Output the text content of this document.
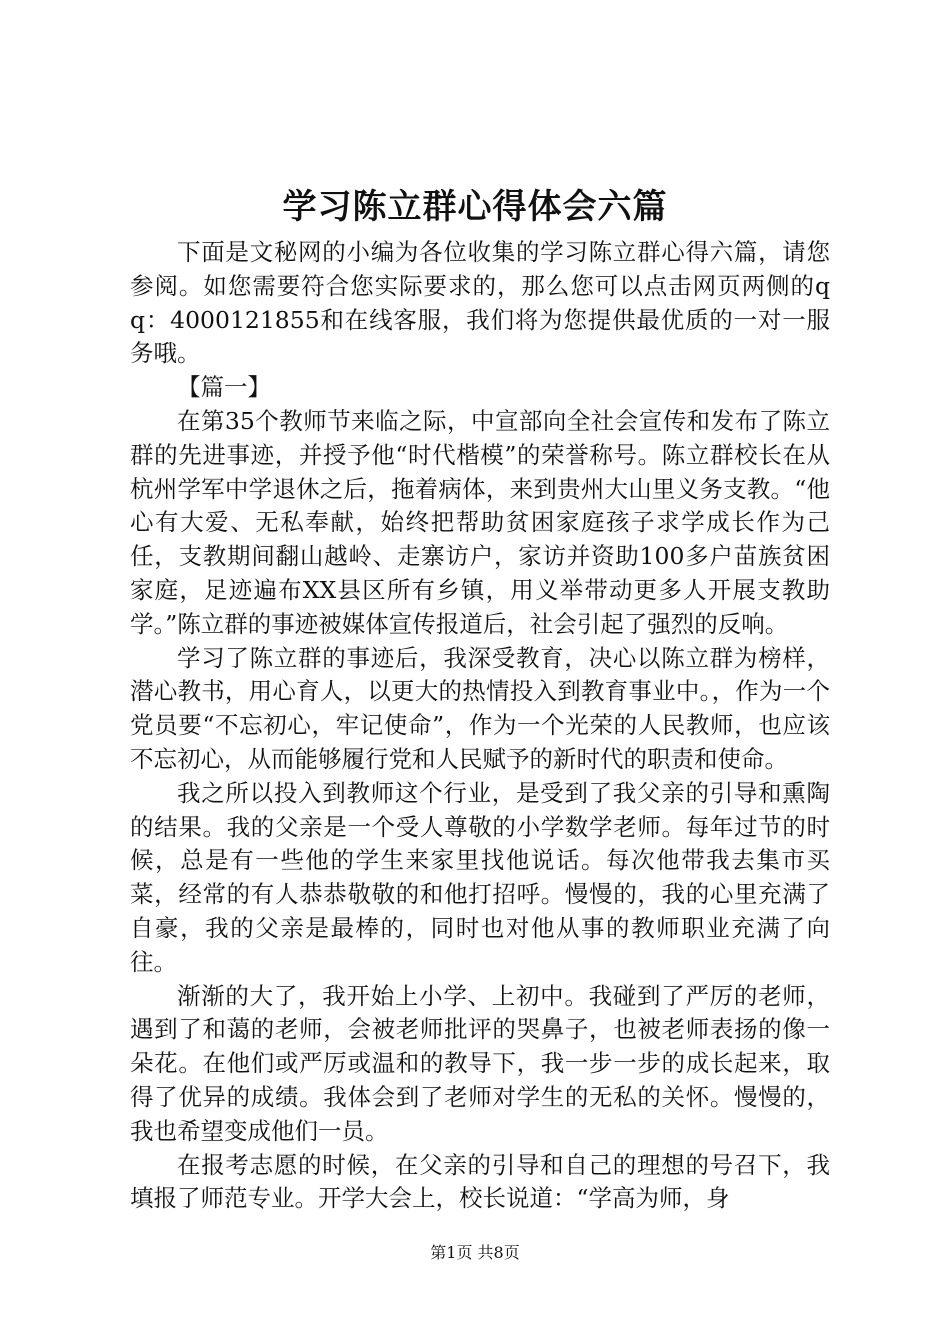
学习陈立群心得体会六篇

下面是文秘网的小编为各位收集的学习陈立群心得六篇，请您参阅。如您需要符合您实际要求的，那么您可以点击网页两侧的qq：4000121855和在线客服，我们将为您提供最优质的一对一服务哦。

【篇一】

在第35个教师节来临之际，中宣部向全社会宣传和发布了陈立群的先进事迹，并授予他“时代楷模”的荣誉称号。陈立群校长在从杭州学军中学退休之后，拖着病体，来到贵州大山里义务支教。“他心有大爱、无私奉献，始终把帮助贫困家庭孩子求学成长作为己任，支教期间翻山越岭、走寨访户，家访并资助100多户苗族贫困家庭，足迹遍布XX县区所有乡镇，用义举带动更多人开展支教助学。”陈立群的事迹被媒体宣传报道后，社会引起了强烈的反响。

学习了陈立群的事迹后，我深受教育，决心以陈立群为榜样，潜心教书，用心育人，以更大的热情投入到教育事业中。，作为一个党员要“不忘初心，牢记使命”，作为一个光荣的人民教师，也应该不忘初心，从而能够履行党和人民赋予的新时代的职责和使命。

我之所以投入到教师这个行业，是受到了我父亲的引导和熏陶的结果。我的父亲是一个受人尊敬的小学数学老师。每年过节的时候，总是有一些他的学生来家里找他说话。每次他带我去集市买菜，经常的有人恭恭敬敬的和他打招呼。慢慢的，我的心里充满了自豪，我的父亲是最棒的，同时也对他从事的教师职业充满了向往。

渐渐的大了，我开始上小学、上初中。我碰到了严厉的老师，遇到了和蔼的老师，会被老师批评的哭鼻子，也被老师表扬的像一朵花。在他们或严厉或温和的教导下，我一步一步的成长起来，取得了优异的成绩。我体会到了老师对学生的无私的关怀。慢慢的，我也希望变成他们一员。

在报考志愿的时候，在父亲的引导和自己的理想的号召下，我填报了师范专业。开学大会上，校长说道：“学高为师，身

第1页 共8页
